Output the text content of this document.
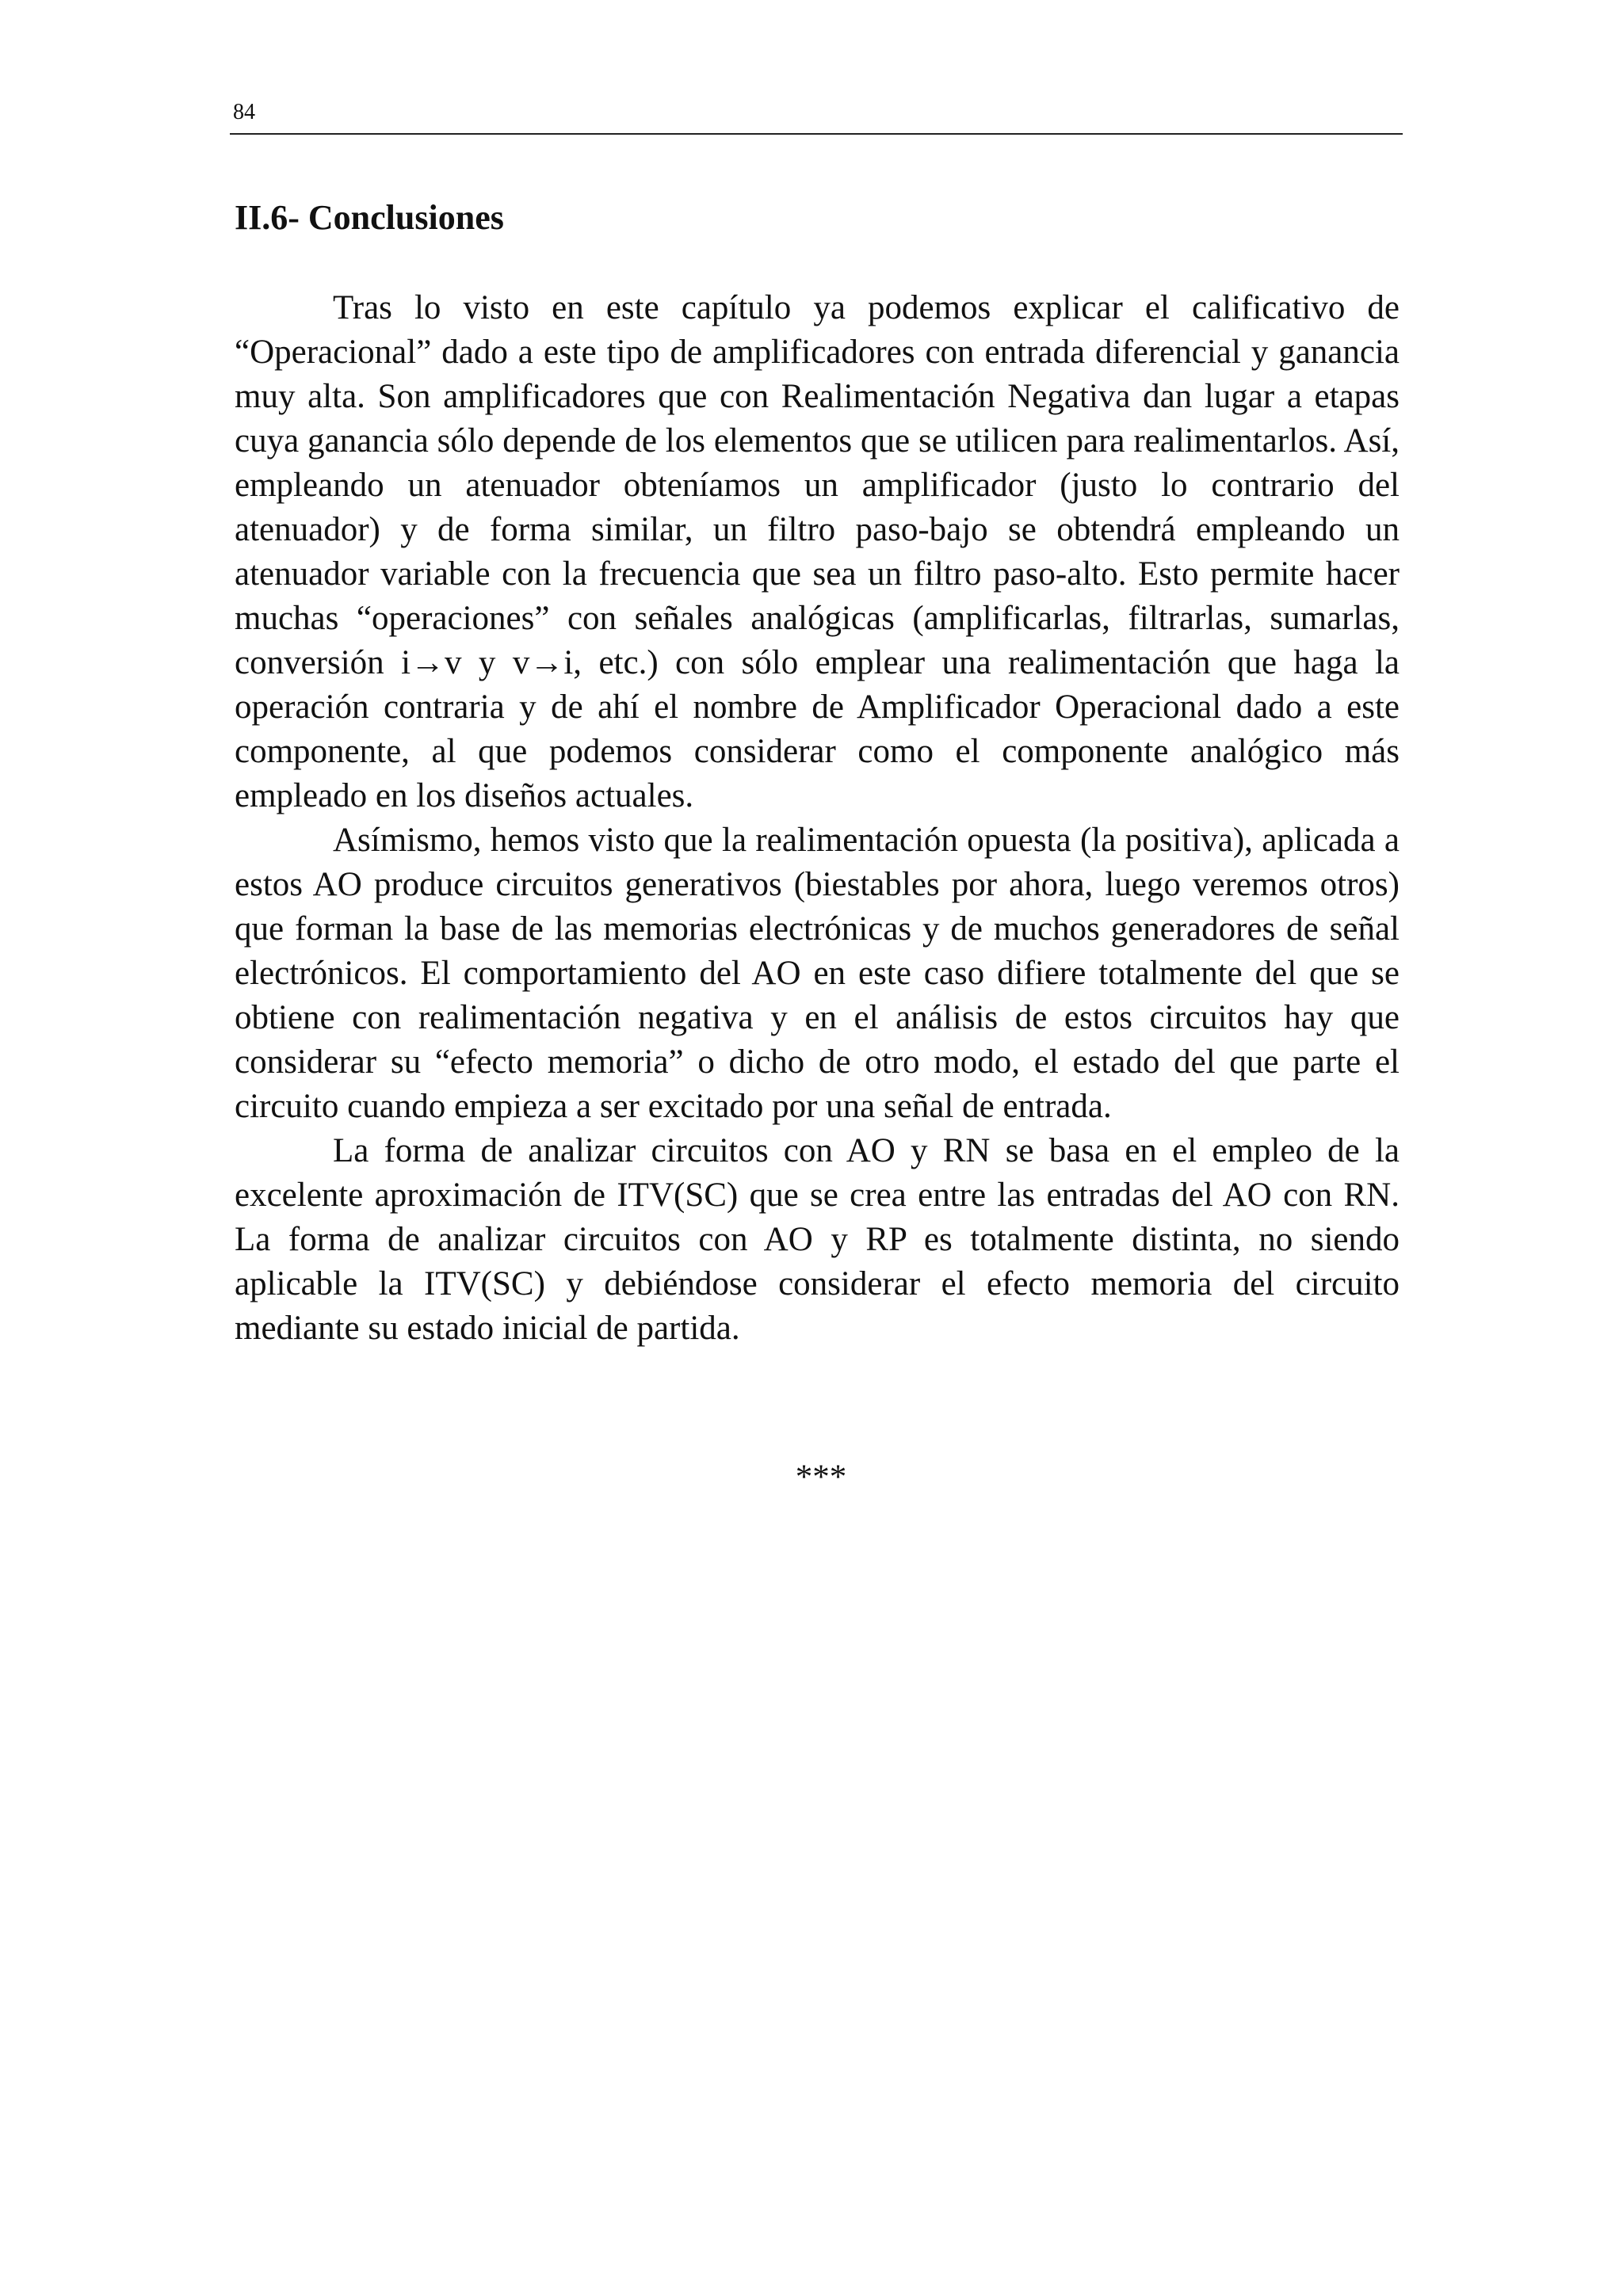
84
II.6- Conclusiones

Tras lo visto en este capítulo ya podemos explicar el calificativo de “Operacional” dado a este tipo de amplificadores con entrada diferencial y ganancia muy alta. Son amplificadores que con Realimentación Negativa dan lugar a etapas cuya ganancia sólo depende de los elementos que se utilicen para realimentarlos. Así, empleando un atenuador obteníamos un amplificador (justo lo contrario del atenuador) y de forma similar, un filtro paso-bajo se obtendrá empleando un atenuador variable con la frecuencia que sea un filtro paso-alto. Esto permite hacer muchas “operaciones” con señales analógicas (amplificarlas, filtrarlas, sumarlas, conversión i→v y v→i, etc.) con sólo emplear una realimentación que haga la operación contraria y de ahí el nombre de Amplificador Operacional dado a este componente, al que podemos considerar como el componente analógico más empleado en los diseños actuales.

Asímismo, hemos visto que la realimentación opuesta (la positiva), aplicada a estos AO produce circuitos generativos (biestables por ahora, luego veremos otros) que forman la base de las memorias electrónicas y de muchos generadores de señal electrónicos. El comportamiento del AO en este caso difiere totalmente del que se obtiene con realimentación negativa y en el análisis de estos circuitos hay que considerar su “efecto memoria” o dicho de otro modo, el estado del que parte el circuito cuando empieza a ser excitado por una señal de entrada.

La forma de analizar circuitos con AO y RN se basa en el empleo de la excelente aproximación de ITV(SC) que se crea entre las entradas del AO con RN. La forma de analizar circuitos con AO y RP es totalmente distinta, no siendo aplicable la ITV(SC) y debiéndose considerar el efecto memoria del circuito mediante su estado inicial de partida.

***
